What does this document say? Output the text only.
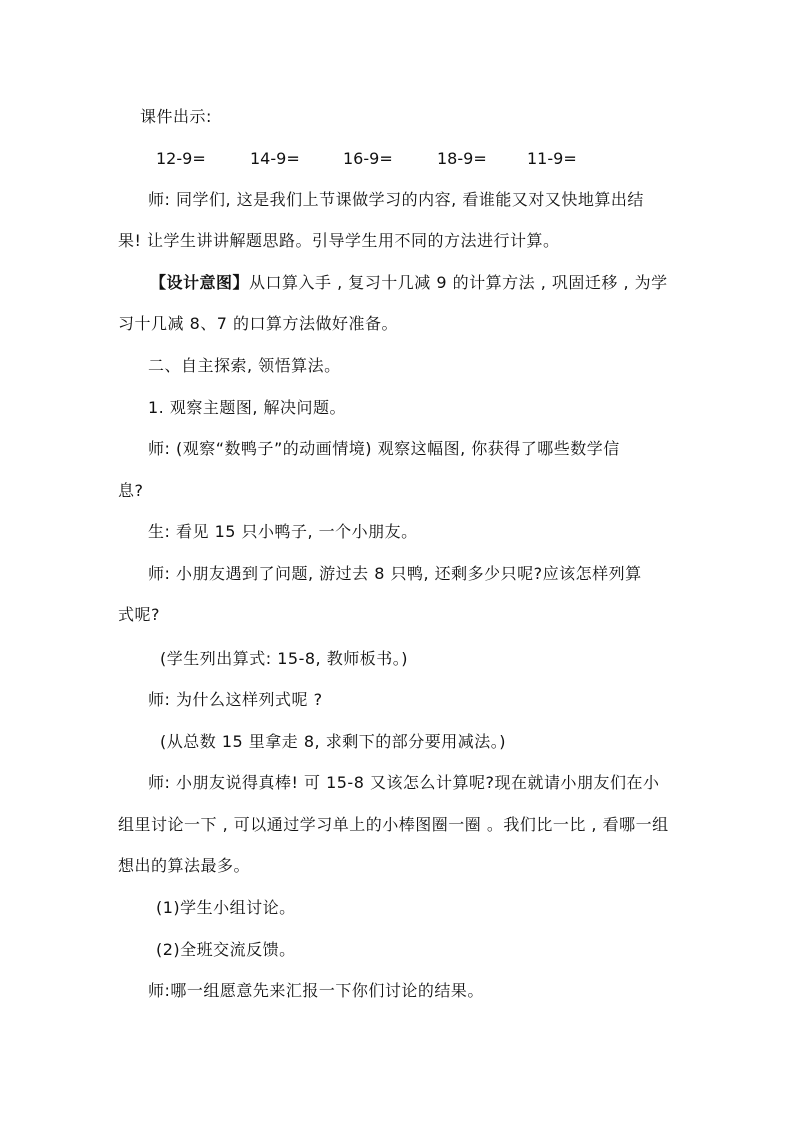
课件出示:
12-9=	14-9=	16-9=	18-9=	11-9=
师: 同学们, 这是我们上节课做学习的内容, 看谁能又对又快地算出结
果! 让学生讲讲解题思路。引导学生用不同的方法进行计算。
【设计意图】从口算入手 , 复习十几减 9 的计算方法 , 巩固迁移 , 为学
习十几减 8、7 的口算方法做好准备。
二、自主探索, 领悟算法。
1. 观察主题图, 解决问题。
师: (观察“数鸭子”的动画情境) 观察这幅图, 你获得了哪些数学信
息?
生: 看见 15 只小鸭子, 一个小朋友。
师: 小朋友遇到了问题, 游过去 8 只鸭, 还剩多少只呢?应该怎样列算
式呢?
(学生列出算式: 15-8, 教师板书。)
师: 为什么这样列式呢 ?
(从总数 15 里拿走 8, 求剩下的部分要用减法。)
师: 小朋友说得真棒! 可 15-8 又该怎么计算呢?现在就请小朋友们在小
组里讨论一下 , 可以通过学习单上的小棒图圈一圈 。我们比一比 , 看哪一组
想出的算法最多。
(1)学生小组讨论。
(2)全班交流反馈。
师:哪一组愿意先来汇报一下你们讨论的结果。
